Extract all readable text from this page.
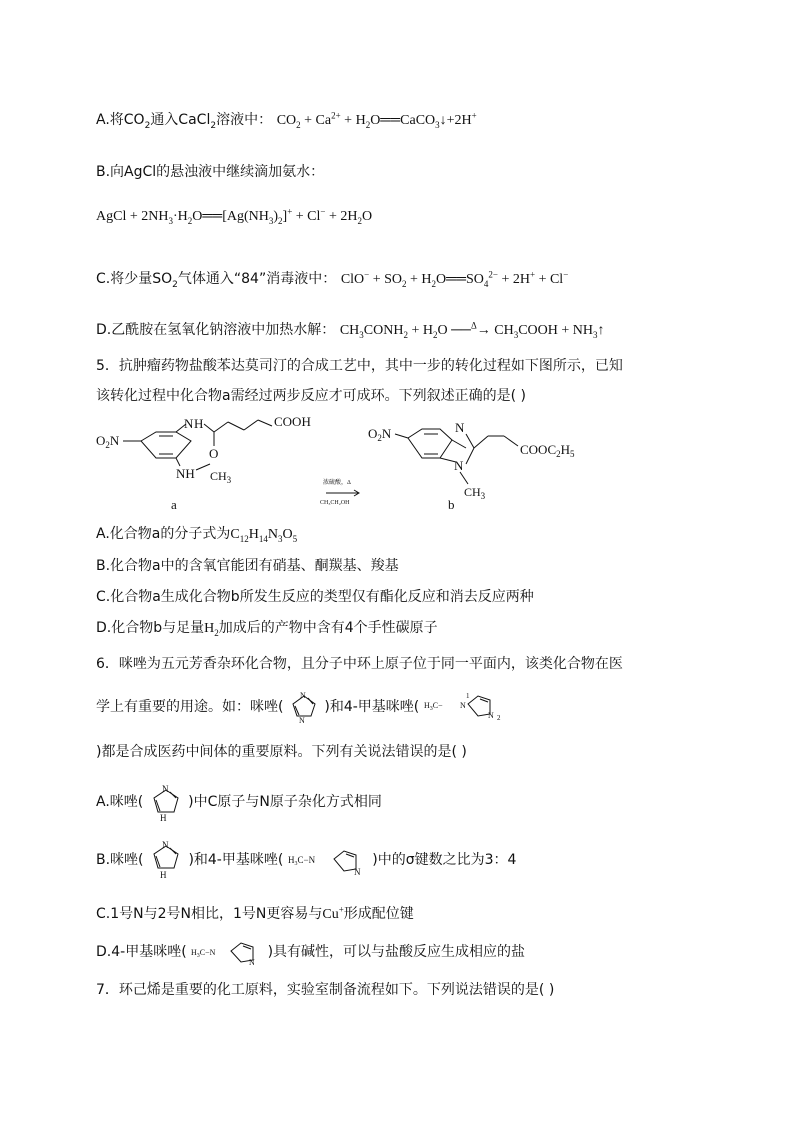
A.将$CO_2$通入CaCl$_2$溶液中： $CO_2 + Ca^{2+}$ + $H_2O══CaCO_3↓+2H^+$
B.向AgCl的悬浊液中继续滴加氨水：
AgCl + $2NH_3\cdot H_2O══[Ag(NH_3)_2]^+ + Cl^- + 2H_2O$
C.将少量$SO_2$气体通入“84”消毒液中： $ClO^- + SO_2$ + $H_2O══SO_4^{2-} + 2H^+ + Cl^-$
D.乙酰胺在氢氧化钠溶液中加热水解： $CH_3CONH_2 + H_2O$ ──$^\Delta$→ $CH_3COOH$ + $NH_3↑$
5．抗肿瘤药物盐酸苯达莫司汀的合成工艺中，其中一步的转化过程如下图所示，已知
该转化过程中化合物a需经过两步反应才可成环。下列叙述正确的是( )
$O_2N$
N H
O
COOH
NH $CH_3$
a
浓硫酸，Δ
CH₃CH₂OH
$O_2N$	N
N
$CH_3$
$COOC_2H_5$
b
A.化合物a的分子式为$C_{12}H_{14}N_3O_5$
B.化合物a中的含氧官能团有硝基、酮羰基、羧基
C.化合物a生成化合物b所发生反应的类型仅有酯化反应和消去反应两种
D.化合物b与足量$H_2$加成后的产物中含有4个手性碳原子
6．咪唑为五元芳香杂环化合物，且分子中环上原子位于同一平面内，该类化合物在医
学上有重要的用途。如：咪唑(
N
N
)和4-甲基咪唑( $H_3C- N$
1
N 2
)都是合成医药中间体的重要原料。下列有关说法错误的是( )
A.咪唑(
N
H
)中C原子与N原子杂化方式相同
B.咪唑(
N
H
)和4-甲基咪唑( $H_3C-N$
N
)中的σ键数之比为3：4
C.1号N与2号N相比，1号N更容易与Cu+形成配位键
D.4-甲基咪唑( $H_3C-N$
N
)具有碱性，可以与盐酸反应生成相应的盐
7．环己烯是重要的化工原料，实验室制备流程如下。下列说法错误的是( )
